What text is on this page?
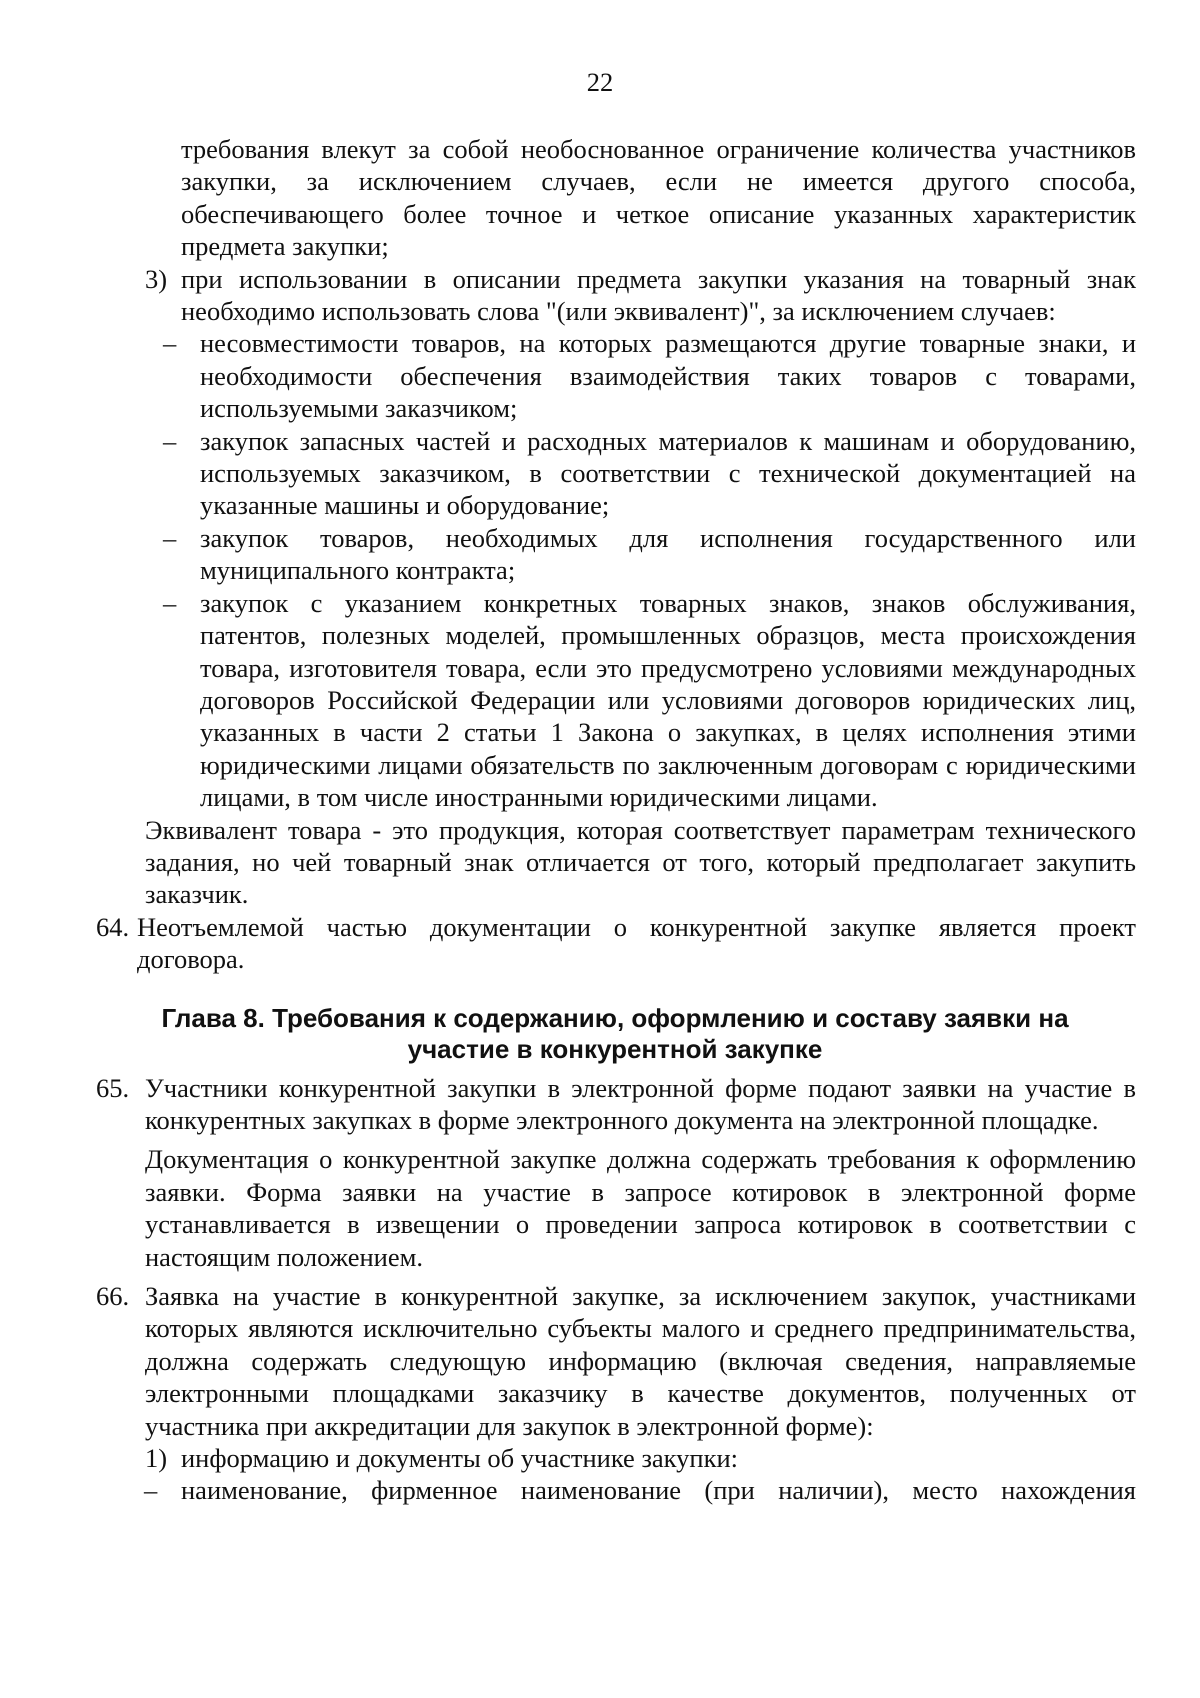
22

требования влекут за собой необоснованное ограничение количества участников закупки, за исключением случаев, если не имеется другого способа, обеспечивающего более точное и четкое описание указанных характеристик предмета закупки;

3) при использовании в описании предмета закупки указания на товарный знак необходимо использовать слова "(или эквивалент)", за исключением случаев:
– несовместимости товаров, на которых размещаются другие товарные знаки, и необходимости обеспечения взаимодействия таких товаров с товарами, используемыми заказчиком;
– закупок запасных частей и расходных материалов к машинам и оборудованию, используемых заказчиком, в соответствии с технической документацией на указанные машины и оборудование;
– закупок товаров, необходимых для исполнения государственного или муниципального контракта;
– закупок с указанием конкретных товарных знаков, знаков обслуживания, патентов, полезных моделей, промышленных образцов, места происхождения товара, изготовителя товара, если это предусмотрено условиями международных договоров Российской Федерации или условиями договоров юридических лиц, указанных в части 2 статьи 1 Закона о закупках, в целях исполнения этими юридическими лицами обязательств по заключенным договорам с юридическими лицами, в том числе иностранными юридическими лицами.

Эквивалент товара - это продукция, которая соответствует параметрам технического задания, но чей товарный знак отличается от того, который предполагает закупить заказчик.

64. Неотъемлемой частью документации о конкурентной закупке является проект договора.
Глава 8. Требования к содержанию, оформлению и составу заявки на участие в конкурентной закупке
65. Участники конкурентной закупки в электронной форме подают заявки на участие в конкурентных закупках в форме электронного документа на электронной площадке.

Документация о конкурентной закупке должна содержать требования к оформлению заявки. Форма заявки на участие в запросе котировок в электронной форме устанавливается в извещении о проведении запроса котировок в соответствии с настоящим положением.

66. Заявка на участие в конкурентной закупке, за исключением закупок, участниками которых являются исключительно субъекты малого и среднего предпринимательства, должна содержать следующую информацию (включая сведения, направляемые электронными площадками заказчику в качестве документов, полученных от участника при аккредитации для закупок в электронной форме):
1) информацию и документы об участнике закупки:
– наименование, фирменное наименование (при наличии), место нахождения
